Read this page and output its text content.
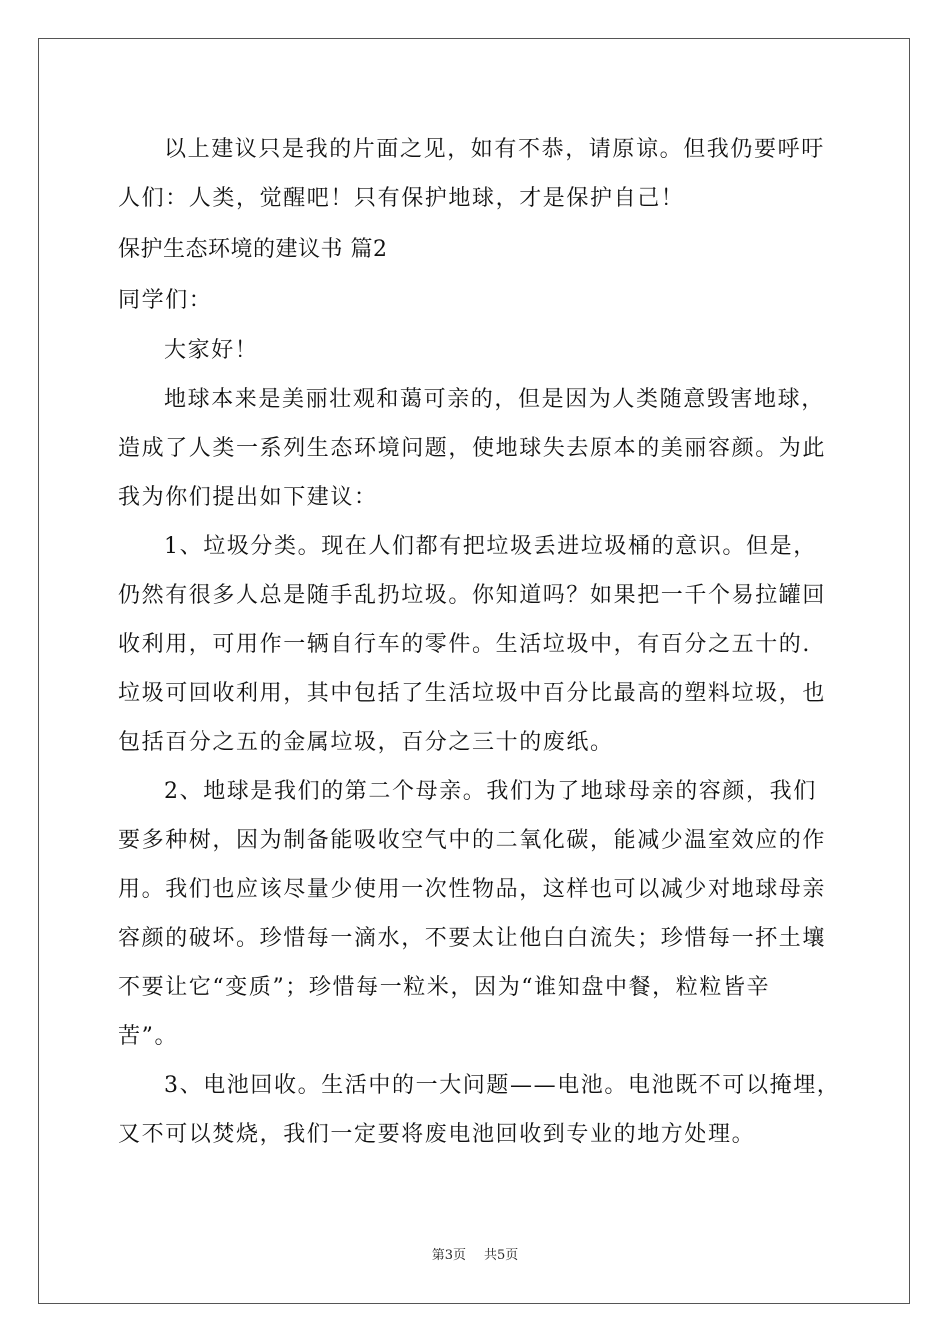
以上建议只是我的片面之见，如有不恭，请原谅。但我仍要呼吁
人们：人类，觉醒吧！只有保护地球，才是保护自己！
保护生态环境的建议书 篇2
同学们：
大家好！
地球本来是美丽壮观和蔼可亲的，但是因为人类随意毁害地球，
造成了人类一系列生态环境问题，使地球失去原本的美丽容颜。为此
我为你们提出如下建议：
1、垃圾分类。现在人们都有把垃圾丢进垃圾桶的意识。但是，
仍然有很多人总是随手乱扔垃圾。你知道吗？如果把一千个易拉罐回
收利用，可用作一辆自行车的零件。生活垃圾中，有百分之五十的.
垃圾可回收利用，其中包括了生活垃圾中百分比最高的塑料垃圾，也
包括百分之五的金属垃圾，百分之三十的废纸。
2、地球是我们的第二个母亲。我们为了地球母亲的容颜，我们
要多种树，因为制备能吸收空气中的二氧化碳，能减少温室效应的作
用。我们也应该尽量少使用一次性物品，这样也可以减少对地球母亲
容颜的破坏。珍惜每一滴水，不要太让他白白流失；珍惜每一抔土壤
不要让它“变质”；珍惜每一粒米，因为“谁知盘中餐，粒粒皆辛
苦”。
3、电池回收。生活中的一大问题——电池。电池既不可以掩埋，
又不可以焚烧，我们一定要将废电池回收到专业的地方处理。
第3页 共5页
